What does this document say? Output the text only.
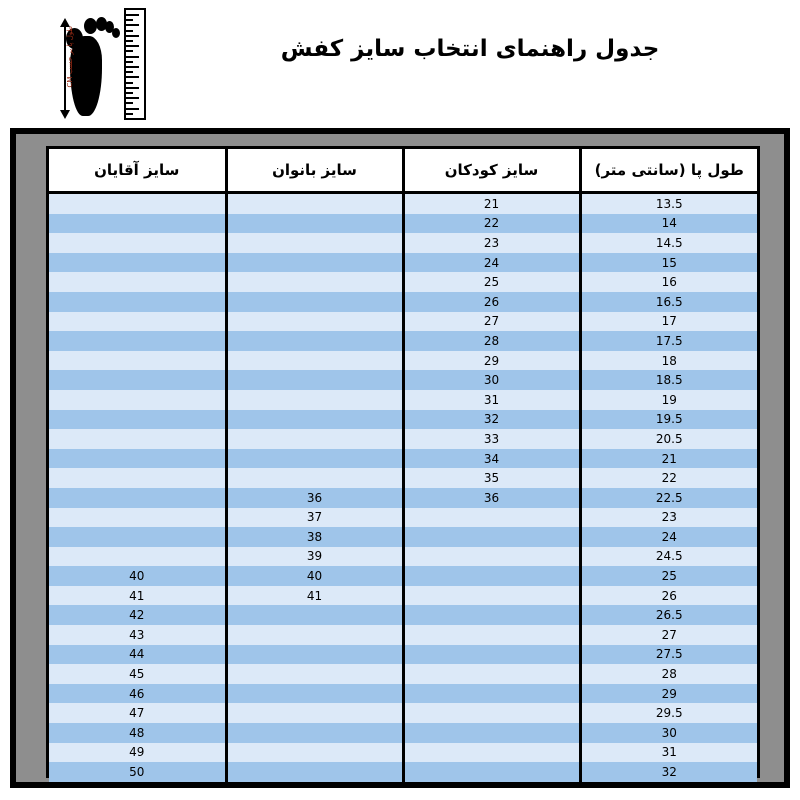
طول پا بر حسب CM	جدول راهنمای انتخاب سایز کفش
طول پا (سانتی متر)	سایز کودکان	سایز بانوان	سایز آقایان
13.5	21		
14	22		
14.5	23		
15	24		
16	25		
16.5	26		
17	27		
17.5	28		
18	29		
18.5	30		
19	31		
19.5	32		
20.5	33		
21	34		
22	35		
22.5	36	36	
23		37	
24		38	
24.5		39	
25		40	40
26		41	41
26.5			42
27			43
27.5			44
28			45
29			46
29.5			47
30			48
31			49
32			50
